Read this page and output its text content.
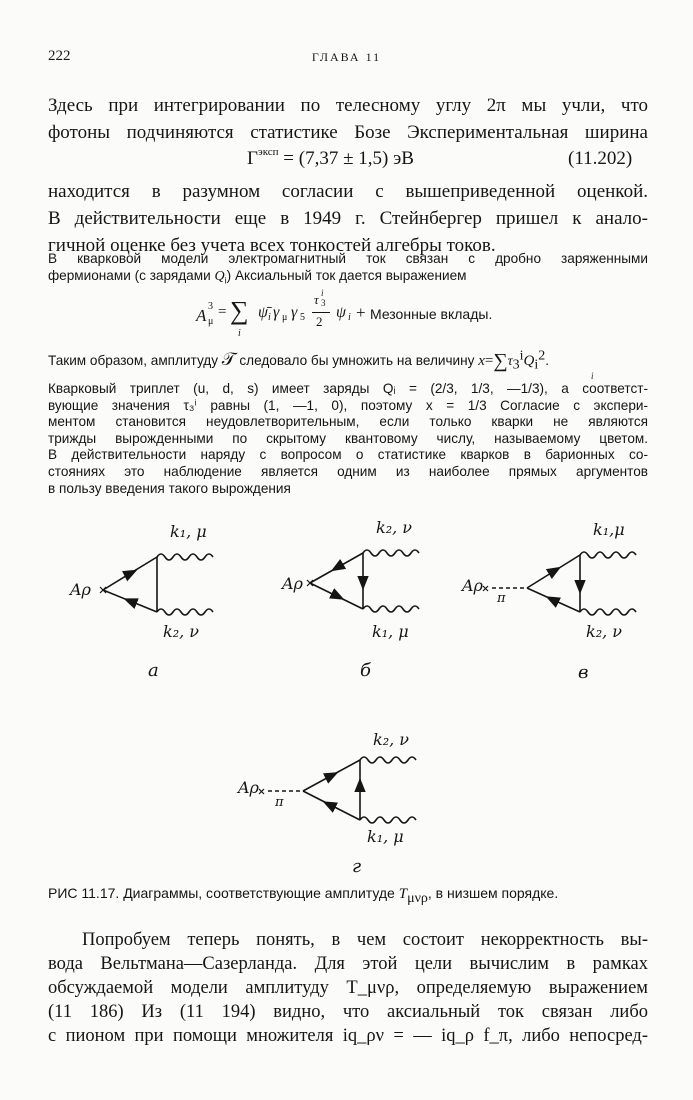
222	ГЛАВА 11
Здесь при интегрировании по телесному углу 2π мы учли, что
фотоны подчиняются статистике Бозе Экспериментальная ширина
$\Gamma^{эксп} = (7,37 \pm 1,5)$ эВ	(11.202)
находится в разумном согласии с вышеприведенной оценкой.
В действительности еще в 1949 г. Стейнбергер пришел к анало-
гичной оценке без учета всех тонкостей алгебры токов.
В кварковой модели электромагнитный ток связан с дробно заряженными
фермионами (с зарядами $Q_i$) Аксиальный ток дается выражением
A 3
μ
= ∑
i
ψ̄ i γ μ γ 5
τ i
3
2
ψ i + Мезонные вклады.
Таким образом, амплитуду 𝒯 следовало бы умножить на величину $x=\sum\tau_3^iQ_i^2$.
i
Кварковый триплет (u, d, s) имеет заряды Qᵢ = (2/3, 1/3, —1/3), а соответст-
вующие значения τ₃ⁱ равны (1, —1, 0), поэтому x = 1/3 Согласие с экспери-
ментом становится неудовлетворительным, если только кварки не являются
трижды вырожденными по скрытому квантовому числу, называемому цветом.
В действительности наряду с вопросом о статистике кварков в барионных со-
стояниях это наблюдение является одним из наиболее прямых аргументов
в пользу введения такого вырождения
Aρ
k₁, μ
k₂, ν
а
Aρ
k₂, ν
k₁, μ
б
Aρ
π
k₁,μ
k₂, ν
в
Aρ
π
k₂, ν
k₁, μ
г
РИС 11.17. Диаграммы, соответствующие амплитуде $T_{\mu\nu\rho}$, в низшем порядке.
Попробуем теперь понять, в чем состоит некорректность вы-
вода Вельтмана—Сазерланда. Для этой цели вычислим в рамках
обсуждаемой модели амплитуду T_μνρ, определяемую выражением
(11 186) Из (11 194) видно, что аксиальный ток связан либо
с пионом при помощи множителя iq_ρν = — iq_ρ f_π, либо непосред-
